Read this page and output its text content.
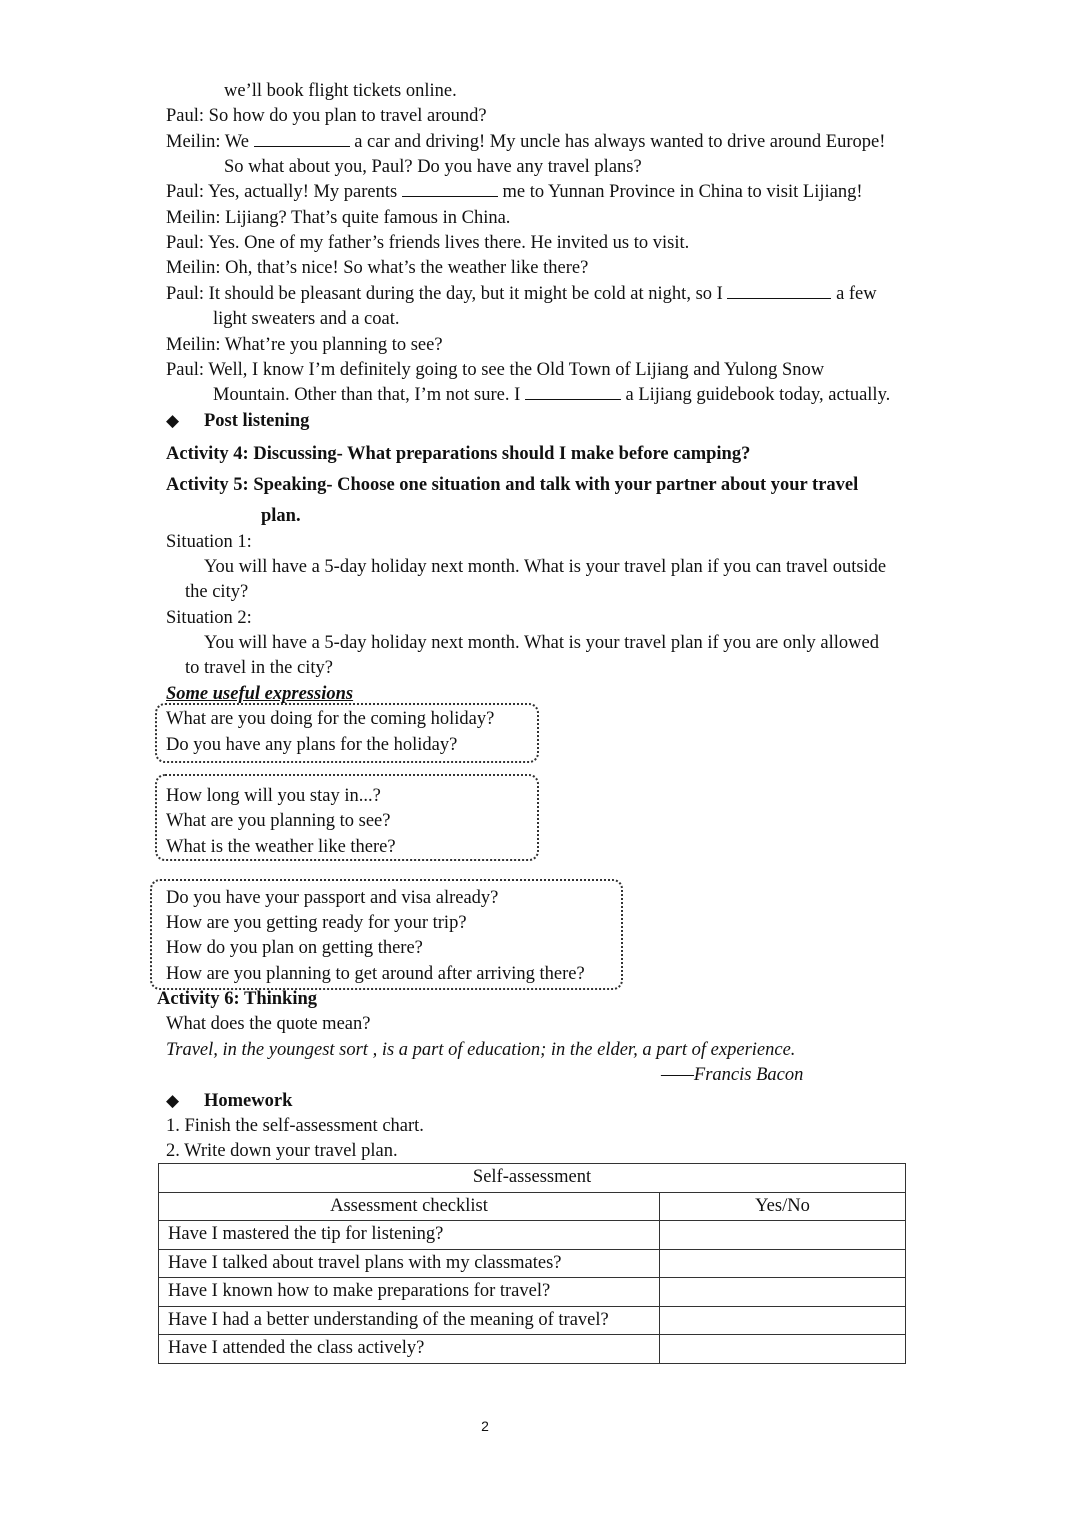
we’ll book flight tickets online.
Paul: So how do you plan to travel around?
Meilin: We	a car and driving! My uncle has always wanted to drive around Europe!
So what about you, Paul? Do you have any travel plans?
Paul: Yes, actually! My parents	me to Yunnan Province in China to visit Lijiang!
Meilin: Lijiang? That’s quite famous in China.
Paul: Yes. One of my father’s friends lives there. He invited us to visit.
Meilin: Oh, that’s nice! So what’s the weather like there?
Paul: It should be pleasant during the day, but it might be cold at night, so I	a few
light sweaters and a coat.
Meilin: What’re you planning to see?
Paul: Well, I know I’m definitely going to see the Old Town of Lijiang and Yulong Snow
Mountain. Other than that, I’m not sure. I	a Lijiang guidebook today, actually.
◆ Post listening
Activity 4: Discussing- What preparations should I make before camping?
Activity 5: Speaking- Choose one situation and talk with your partner about your travel
plan.
Situation 1:
You will have a 5-day holiday next month. What is your travel plan if you can travel outside
the city?
Situation 2:
You will have a 5-day holiday next month. What is your travel plan if you are only allowed
to travel in the city?
Some useful expressions
What are you doing for the coming holiday?
Do you have any plans for the holiday?
How long will you stay in...?
What are you planning to see?
What is the weather like there?
Do you have your passport and visa already?
How are you getting ready for your trip?
How do you plan on getting there?
How are you planning to get around after arriving there?
Activity 6: Thinking
What does the quote mean?
Travel, in the youngest sort , is a part of education; in the elder, a part of experience.
——Francis Bacon
◆ Homework
1. Finish the self-assessment chart.
2. Write down your travel plan.
Self-assessment	
Assessment checklist	Yes/No
Have I mastered the tip for listening?	
Have I talked about travel plans with my classmates?	
Have I known how to make preparations for travel?	
Have I had a better understanding of the meaning of travel?	
Have I attended the class actively?	
2
